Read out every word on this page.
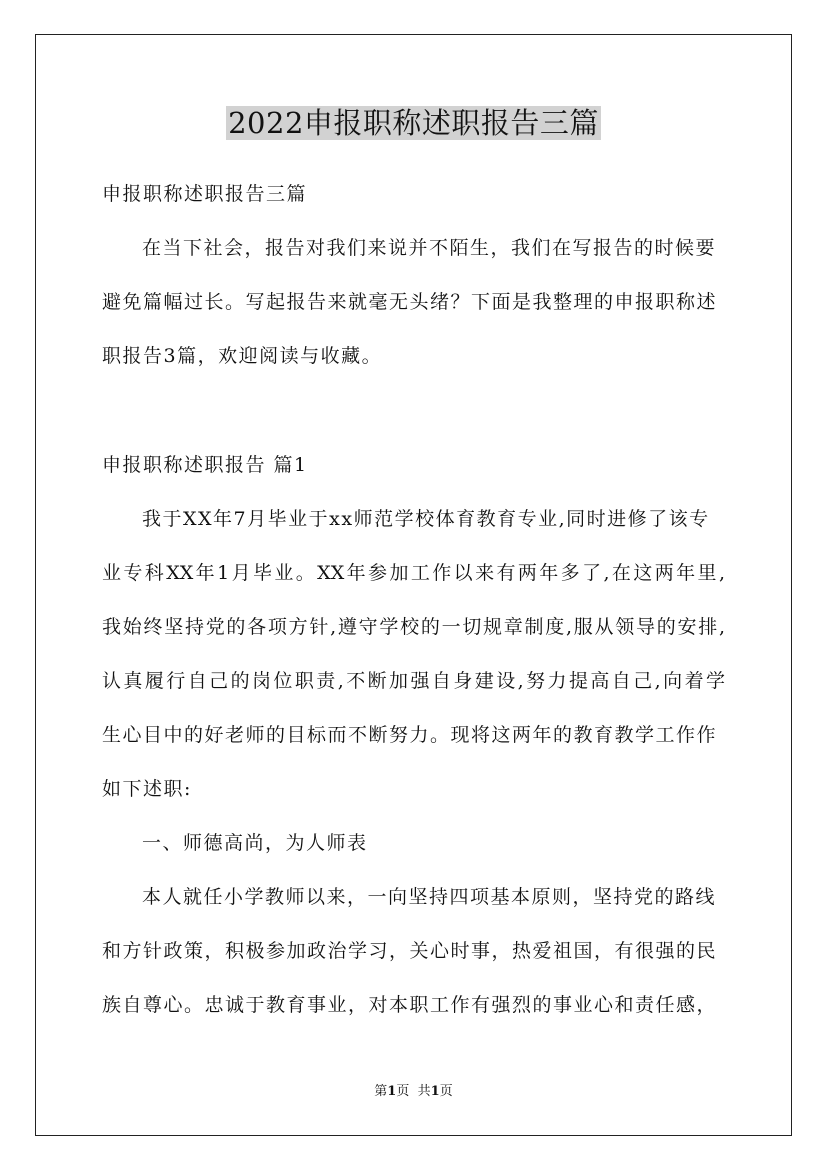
2022申报职称述职报告三篇
申报职称述职报告三篇
在当下社会，报告对我们来说并不陌生，我们在写报告的时候要
避免篇幅过长。写起报告来就毫无头绪？下面是我整理的申报职称述
职报告3篇，欢迎阅读与收藏。
申报职称述职报告 篇1
我于XX年7月毕业于xx师范学校体育教育专业,同时进修了该专
业专科XX年1月毕业。XX年参加工作以来有两年多了,在这两年里,
我始终坚持党的各项方针,遵守学校的一切规章制度,服从领导的安排,
认真履行自己的岗位职责,不断加强自身建设,努力提高自己,向着学
生心目中的好老师的目标而不断努力。现将这两年的教育教学工作作
如下述职:
一、师德高尚，为人师表
本人就任小学教师以来，一向坚持四项基本原则，坚持党的路线
和方针政策，积极参加政治学习，关心时事，热爱祖国，有很强的民
族自尊心。忠诚于教育事业，对本职工作有强烈的事业心和责任感，
第1页 共1页
